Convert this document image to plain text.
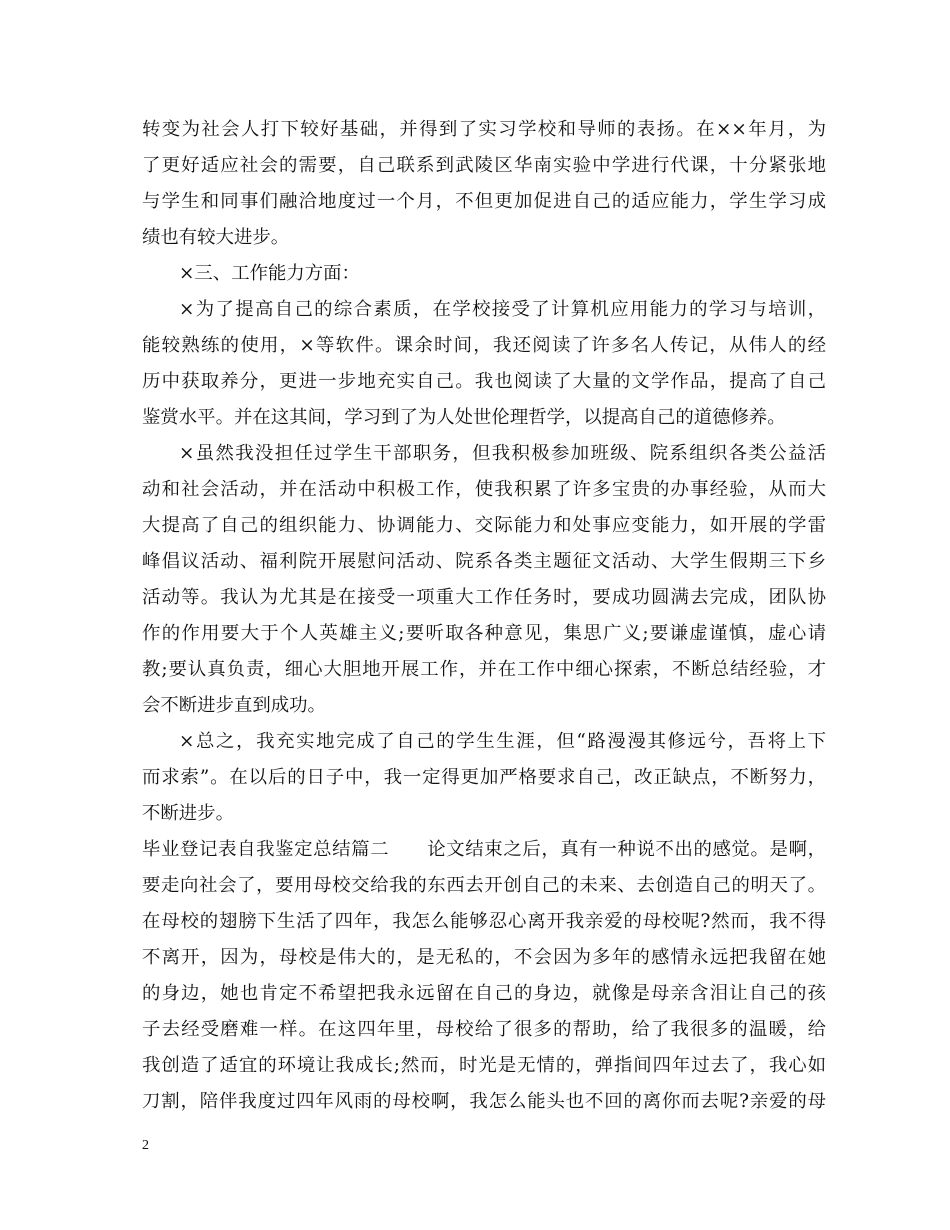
转变为社会人打下较好基础，并得到了实习学校和导师的表扬。在××年月，为
了更好适应社会的需要，自己联系到武陵区华南实验中学进行代课，十分紧张地
与学生和同事们融洽地度过一个月，不但更加促进自己的适应能力，学生学习成
绩也有较大进步。
×三、工作能力方面：
×为了提高自己的综合素质，在学校接受了计算机应用能力的学习与培训，
能较熟练的使用，×等软件。课余时间，我还阅读了许多名人传记，从伟人的经
历中获取养分，更进一步地充实自己。我也阅读了大量的文学作品，提高了自己
鉴赏水平。并在这其间，学习到了为人处世伦理哲学，以提高自己的道德修养。
×虽然我没担任过学生干部职务，但我积极参加班级、院系组织各类公益活
动和社会活动，并在活动中积极工作，使我积累了许多宝贵的办事经验，从而大
大提高了自己的组织能力、协调能力、交际能力和处事应变能力，如开展的学雷
峰倡议活动、福利院开展慰问活动、院系各类主题征文活动、大学生假期三下乡
活动等。我认为尤其是在接受一项重大工作任务时，要成功圆满去完成，团队协
作的作用要大于个人英雄主义;要听取各种意见，集思广义;要谦虚谨慎，虚心请
教;要认真负责，细心大胆地开展工作，并在工作中细心探索，不断总结经验，才
会不断进步直到成功。
×总之，我充实地完成了自己的学生生涯，但“路漫漫其修远兮，吾将上下
而求索”。在以后的日子中，我一定得更加严格要求自己，改正缺点，不断努力，
不断进步。
毕业登记表自我鉴定总结篇二　　论文结束之后，真有一种说不出的感觉。是啊，
要走向社会了，要用母校交给我的东西去开创自己的未来、去创造自己的明天了。
在母校的翅膀下生活了四年，我怎么能够忍心离开我亲爱的母校呢?然而，我不得
不离开，因为，母校是伟大的，是无私的，不会因为多年的感情永远把我留在她
的身边，她也肯定不希望把我永远留在自己的身边，就像是母亲含泪让自己的孩
子去经受磨难一样。在这四年里，母校给了很多的帮助，给了我很多的温暖，给
我创造了适宜的环境让我成长;然而，时光是无情的，弹指间四年过去了，我心如
刀割，陪伴我度过四年风雨的母校啊，我怎么能头也不回的离你而去呢?亲爱的母
2
